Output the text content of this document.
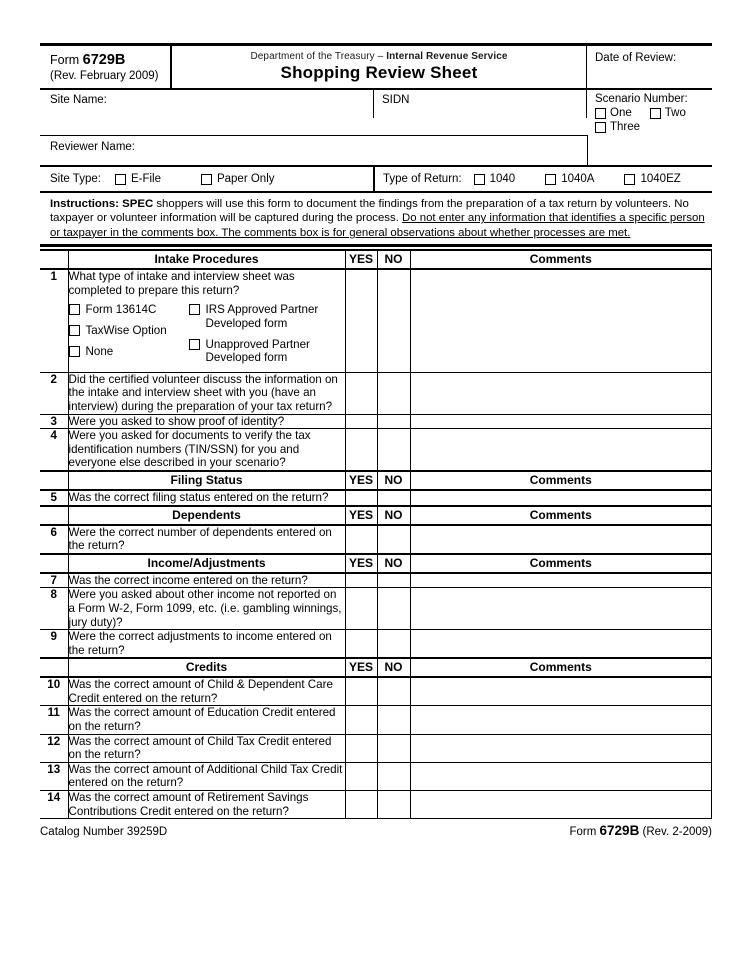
Form 6729B
(Rev. February 2009)
Department of the Treasury – Internal Revenue Service
Shopping Review Sheet
Date of Review:
Site Name:	SIDN	Scenario Number:
One	Two
Three
Reviewer Name:
Site Type:	E-File	Paper Only	Type of Return: 1040	1040A	1040EZ
Instructions: SPEC shoppers will use this form to document the findings from the preparation of a tax return by volunteers. No taxpayer or volunteer information will be captured during the process. Do not enter any information that identifies a specific person or taxpayer in the comments box. The comments box is for general observations about whether processes are met.
	Intake Procedures	YES	NO	Comments
1	What type of intake and interview sheet was completed to prepare this return?
Form 13614C
TaxWise Option
None
IRS Approved Partner Developed form
Unapproved Partner Developed form

2	Did the certified volunteer discuss the information on the intake and interview sheet with you (have an interview) during the preparation of your tax return?			
3	Were you asked to show proof of identity?			
4	Were you asked for documents to verify the tax identification numbers (TIN/SSN) for you and everyone else described in your scenario?			
	Filing Status	YES	NO	Comments
5	Was the correct filing status entered on the return?			
	Dependents	YES	NO	Comments
6	Were the correct number of dependents entered on the return?			
	Income/Adjustments	YES	NO	Comments
7	Was the correct income entered on the return?			
8	Were you asked about other income not reported on a Form W-2, Form 1099, etc. (i.e. gambling winnings, jury duty)?			
9	Were the correct adjustments to income entered on the return?			
	Credits	YES	NO	Comments
10	Was the correct amount of Child & Dependent Care Credit entered on the return?			
11	Was the correct amount of Education Credit entered on the return?			
12	Was the correct amount of Child Tax Credit entered on the return?			
13	Was the correct amount of Additional Child Tax Credit entered on the return?			
14	Was the correct amount of Retirement Savings Contributions Credit entered on the return?			
Catalog Number 39259D	Form 6729B (Rev. 2-2009)
